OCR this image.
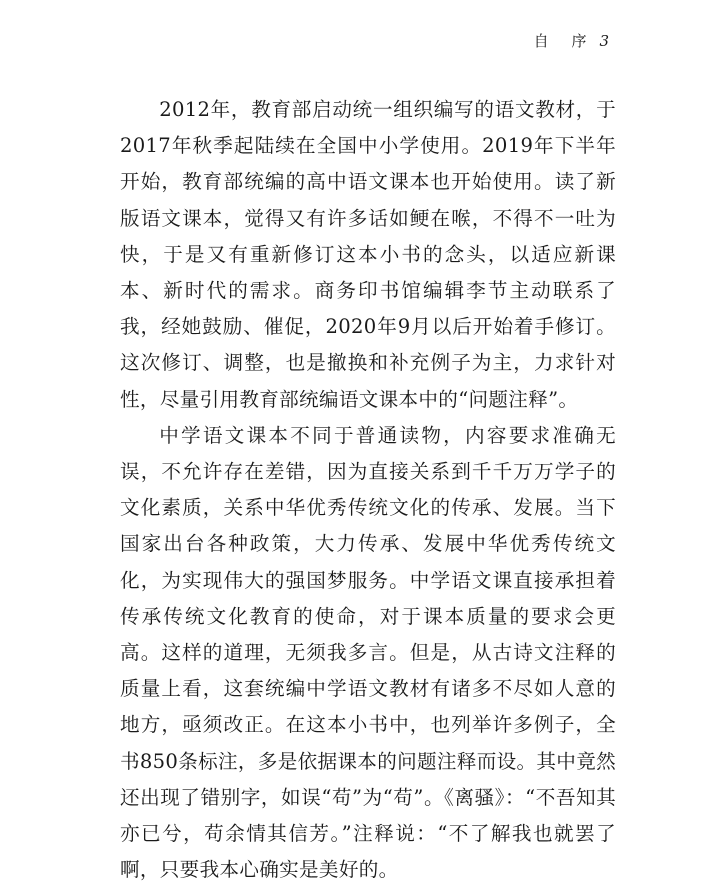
自 序 3

2012年，教育部启动统一组织编写的语文教材，于2017年秋季起陆续在全国中小学使用。2019年下半年开始，教育部统编的高中语文课本也开始使用。读了新版语文课本，觉得又有许多话如鲠在喉，不得不一吐为快，于是又有重新修订这本小书的念头，以适应新课本、新时代的需求。商务印书馆编辑李节主动联系了我，经她鼓励、催促，2020年9月以后开始着手修订。这次修订、调整，也是撤换和补充例子为主，力求针对性，尽量引用教育部统编语文课本中的“问题注释”。

中学语文课本不同于普通读物，内容要求准确无误，不允许存在差错，因为直接关系到千千万万学子的文化素质，关系中华优秀传统文化的传承、发展。当下国家出台各种政策，大力传承、发展中华优秀传统文化，为实现伟大的强国梦服务。中学语文课直接承担着传承传统文化教育的使命，对于课本质量的要求会更高。这样的道理，无须我多言。但是，从古诗文注释的质量上看，这套统编中学语文教材有诸多不尽如人意的地方，亟须改正。在这本小书中，也列举许多例子，全书850条标注，多是依据课本的问题注释而设。其中竟然还出现了错别字，如误“苟”为“苟”。《离骚》：“不吾知其亦已兮，苟余情其信芳。”注释说：“不了解我也就罢了啊，只要我本心确实是美好的。
